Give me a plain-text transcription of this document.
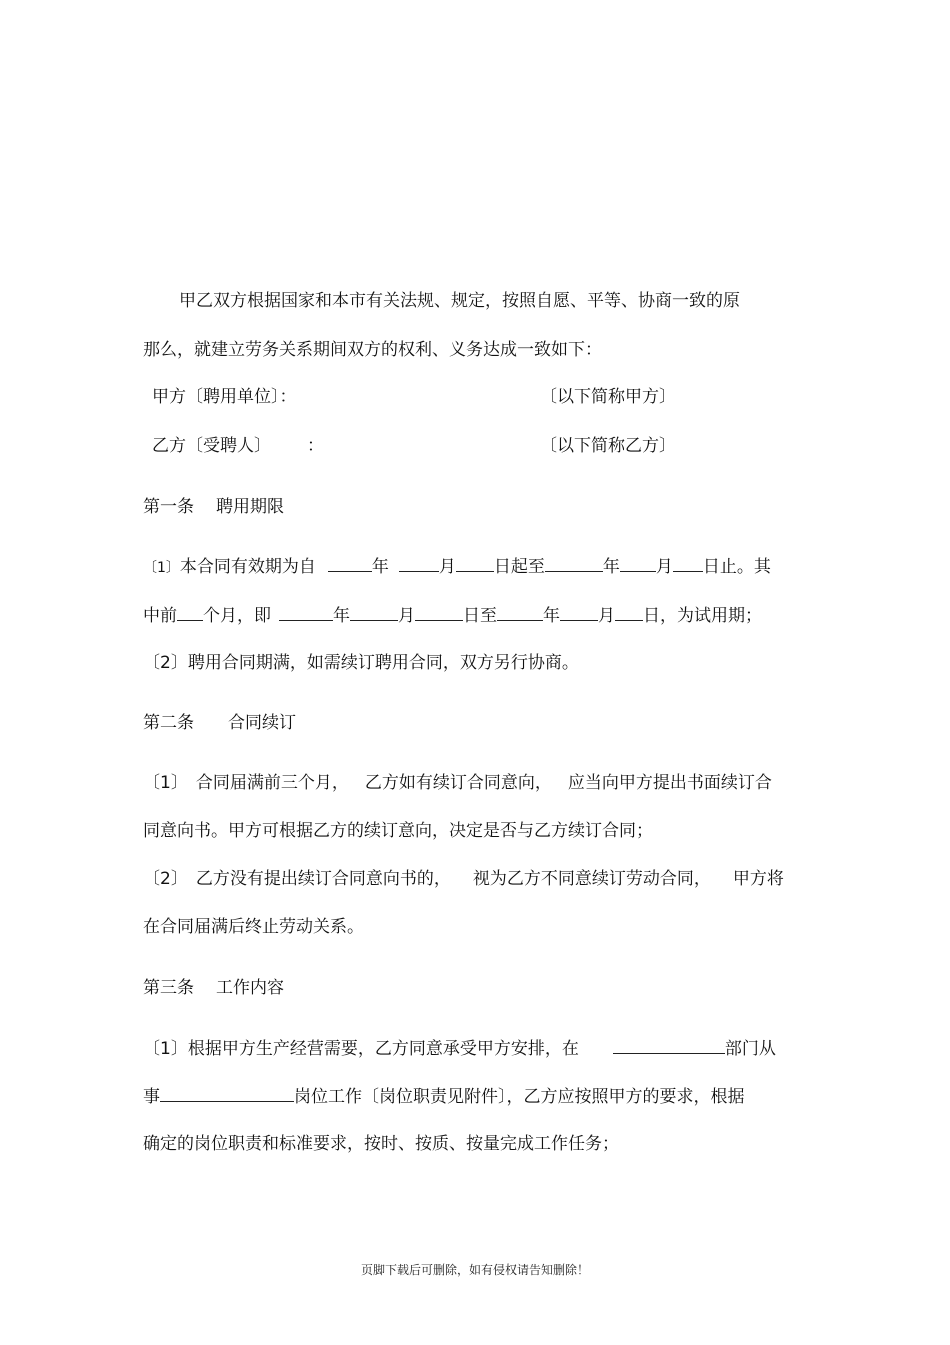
甲乙双方根据国家和本市有关法规、规定，按照自愿、平等、协商一致的原

那么，就建立劳务关系期间双方的权利、义务达成一致如下：

甲方〔聘用单位〕：	〔以下简称甲方〕

乙方〔受聘人〕 ：	〔以下简称乙方〕

第一条 聘用期限

〔1〕本合同有效期为自	年	月 日起至	年 月 日止。其

中前 个月，即	年	月	日至	年 月 日，为试用期；

〔2〕聘用合同期满，如需续订聘用合同，双方另行协商。

第二条 合同续订

〔1〕 合同届满前三个月， 乙方如有续订合同意向， 应当向甲方提出书面续订合

同意向书。甲方可根据乙方的续订意向，决定是否与乙方续订合同；

〔2〕 乙方没有提出续订合同意向书的， 视为乙方不同意续订劳动合同， 甲方将

在合同届满后终止劳动关系。

第三条 工作内容

〔1〕根据甲方生产经营需要，乙方同意承受甲方安排，在	部门从

事	岗位工作〔岗位职责见附件〕，乙方应按照甲方的要求，根据

确定的岗位职责和标准要求，按时、按质、按量完成工作任务；

页脚下载后可删除，如有侵权请告知删除！
